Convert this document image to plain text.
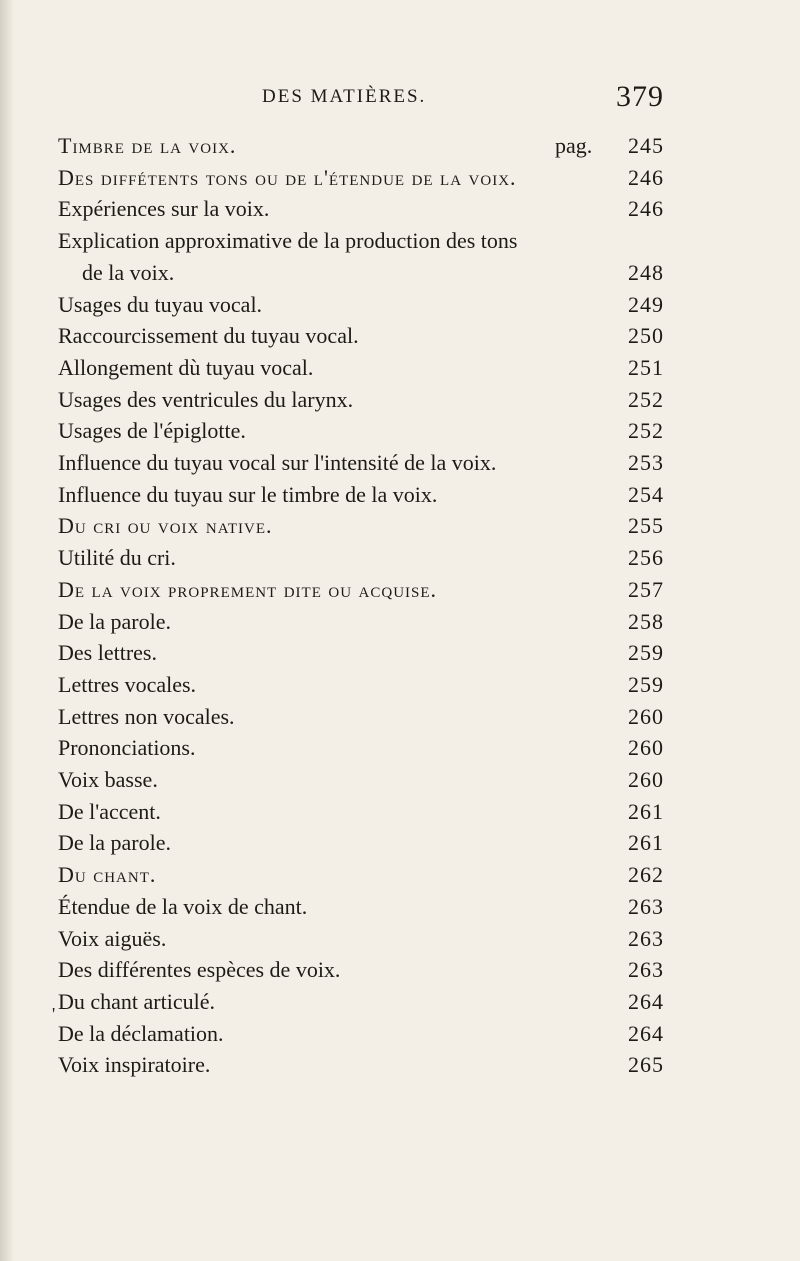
DES MATIÈRES.	379
Timbre de la voix.	pag. 245
Des diffétents tons ou de l'étendue de la voix.	246
Expériences sur la voix.	246
Explication approximative de la production des tons
de la voix.	248
Usages du tuyau vocal.	249
Raccourcissement du tuyau vocal.	250
Allongement dù tuyau vocal.	251
Usages des ventricules du larynx.	252
Usages de l'épiglotte.	252
Influence du tuyau vocal sur l'intensité de la voix.	253
Influence du tuyau sur le timbre de la voix.	254
Du cri ou voix native.	255
Utilité du cri.	256
De la voix proprement dite ou acquise.	257
De la parole.	258
Des lettres.	259
Lettres vocales.	259
Lettres non vocales.	260
Prononciations.	260
Voix basse.	260
De l'accent.	261
De la parole.	261
Du chant.	262
Étendue de la voix de chant.	263
Voix aiguës.	263
Des différentes espèces de voix.	263
Du chant articulé.	264
De la déclamation.	264
Voix inspiratoire.	265
'
